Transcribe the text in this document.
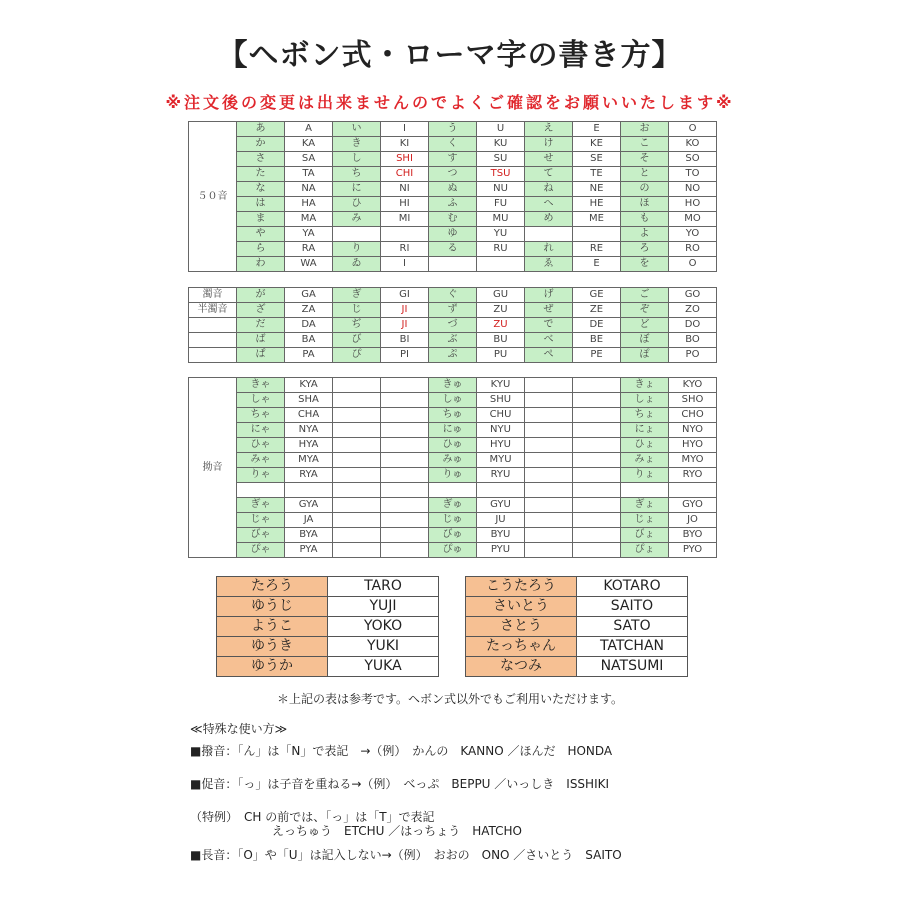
【ヘボン式・ローマ字の書き方】
※注文後の変更は出来ませんのでよくご確認をお願いいたします※
５０音	あ	A	い	I	う	U	え	E	お	O
	か	KA	き	KI	く	KU	け	KE	こ	KO
	さ	SA	し	SHI	す	SU	せ	SE	そ	SO
	た	TA	ち	CHI	つ	TSU	て	TE	と	TO
	な	NA	に	NI	ぬ	NU	ね	NE	の	NO
	は	HA	ひ	HI	ふ	FU	へ	HE	ほ	HO
	ま	MA	み	MI	む	MU	め	ME	も	MO
	や	YA			ゆ	YU			よ	YO
	ら	RA	り	RI	る	RU	れ	RE	ろ	RO
	わ	WA	ゐ	I			ゑ	E	を	O
濁音	が	GA	ぎ	GI	ぐ	GU	げ	GE	ご	GO
半濁音	ざ	ZA	じ	JI	ず	ZU	ぜ	ZE	ぞ	ZO
	だ	DA	ぢ	JI	づ	ZU	で	DE	ど	DO
	ば	BA	び	BI	ぶ	BU	べ	BE	ぼ	BO
	ぱ	PA	ぴ	PI	ぷ	PU	ぺ	PE	ぽ	PO
拗音	きゃ	KYA			きゅ	KYU			きょ	KYO
	しゃ	SHA			しゅ	SHU			しょ	SHO
	ちゃ	CHA			ちゅ	CHU			ちょ	CHO
	にゃ	NYA			にゅ	NYU			にょ	NYO
	ひゃ	HYA			ひゅ	HYU			ひょ	HYO
	みゃ	MYA			みゅ	MYU			みょ	MYO
	りゃ	RYA			りゅ	RYU			りょ	RYO

	ぎゃ	GYA			ぎゅ	GYU			ぎょ	GYO
	じゃ	JA			じゅ	JU			じょ	JO
	びゃ	BYA			びゅ	BYU			びょ	BYO
	ぴゃ	PYA			ぴゅ	PYU			ぴょ	PYO
たろう	TARO
ゆうじ	YUJI
ようこ	YOKO
ゆうき	YUKI
ゆうか	YUKA
こうたろう	KOTARO
さいとう	SAITO
さとう	SATO
たっちゃん	TATCHAN
なつみ	NATSUMI
＊上記の表は参考です。ヘボン式以外でもご利用いただけます。
≪特殊な使い方≫
■撥音：「ん」は「N」で表記　→（例）　かんの　KANNO ／ほんだ　HONDA
■促音：「っ」は子音を重ねる→（例）　べっぷ　BEPPU ／いっしき　ISSHIKI
（特例）　CH の前では、「っ」は「T」で表記
えっちゅう　ETCHU ／はっちょう　HATCHO
■長音：「O」や「U」は記入しない→（例）　おおの　ONO ／さいとう　SAITO
